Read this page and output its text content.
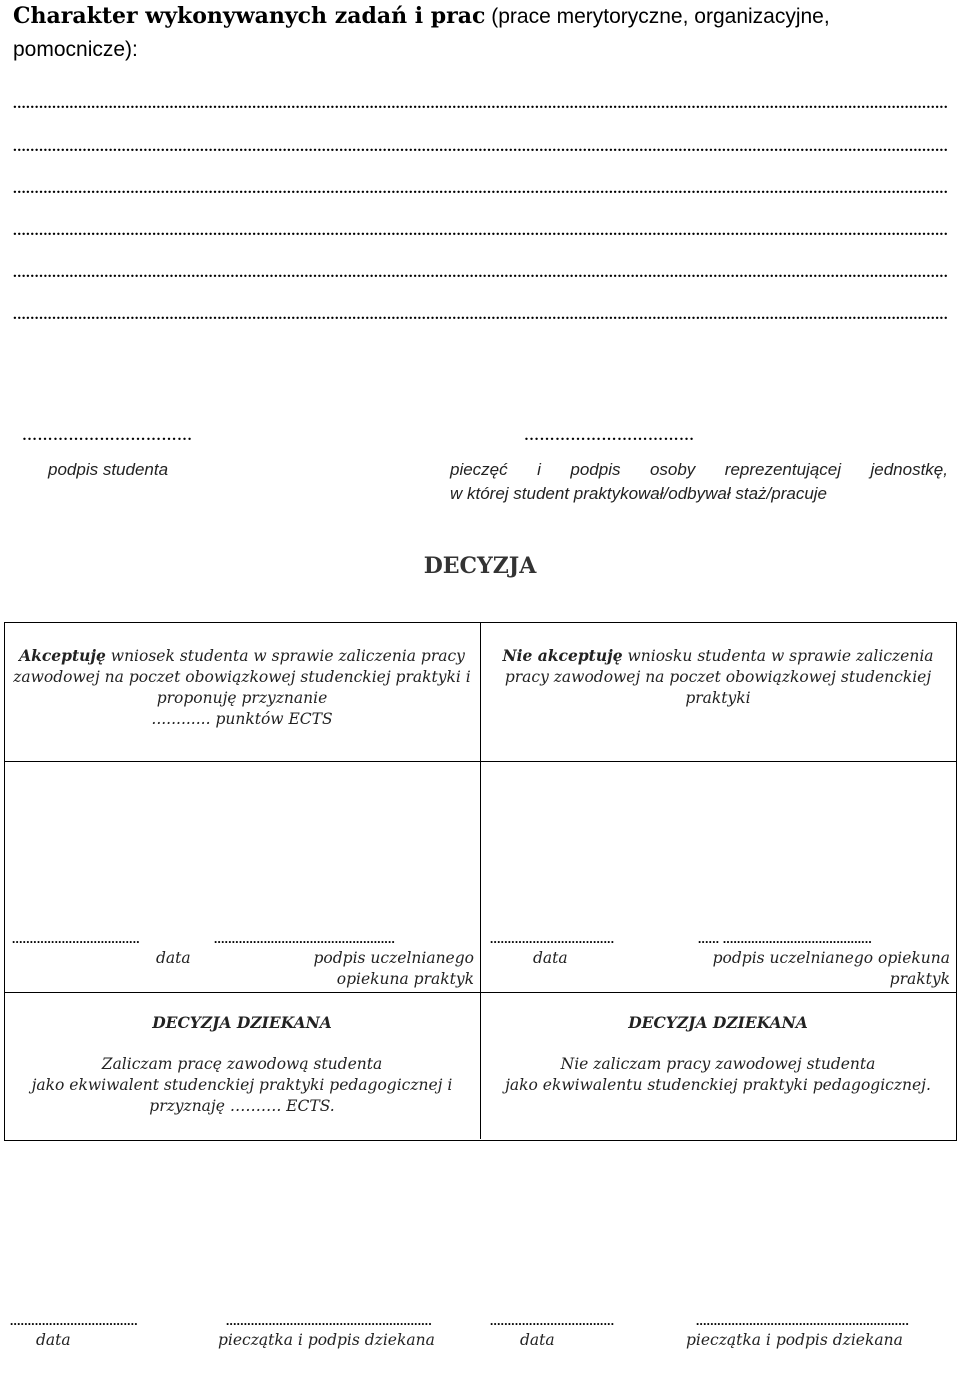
Charakter wykonywanych zadań i prac (prace merytoryczne, organizacyjne, pomocnicze):
.....
.....
.....
.....
.....
.....
……………………………
podpis studenta
……………………………
pieczęć i podpis osoby reprezentującej jednostkę,
w której student praktykował/odbywał staż/pracuje
DECYZJA
Akceptuję wniosek studenta w sprawie zaliczenia pracy zawodowej na poczet obowiązkowej studenckiej praktyki i proponuję przyznanie
............ punktów ECTS
Nie akceptuję wniosku studenta w sprawie zaliczenia pracy zawodowej na poczet obowiązkowej studenckiej praktyki
....................................	...................................................
data	podpis uczelnianego
opiekuna praktyk
...................................	...... ..........................................
data	podpis uczelnianego opiekuna
praktyk
DECYZJA DZIEKANA
Zaliczam pracę zawodową studenta
jako ekwiwalent studenckiej praktyki pedagogicznej i
przyznaję ………. ECTS.
DECYZJA DZIEKANA
Nie zaliczam pracy zawodowej studenta
jako ekwiwalentu studenckiej praktyki pedagogicznej.
....................................	..........................................................
data	pieczątka i podpis dziekana
...................................	............................................................
data	pieczątka i podpis dziekana
